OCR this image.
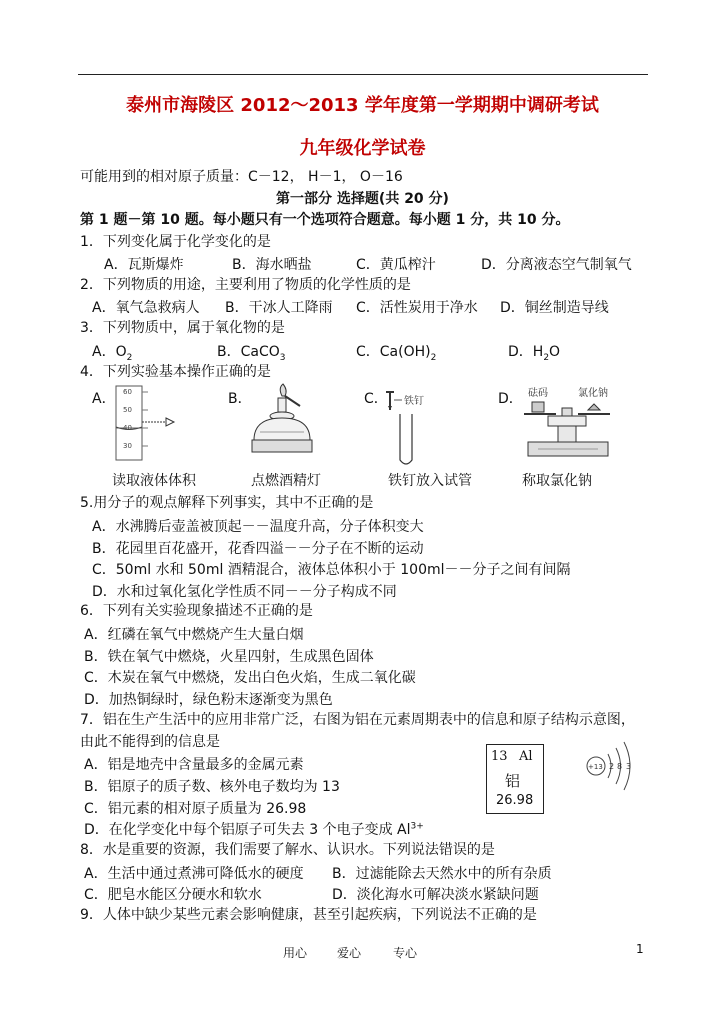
泰州市海陵区 2012～2013 学年度第一学期期中调研考试
九年级化学试卷
可能用到的相对原子质量：C－12， H－1， O－16
第一部分 选择题(共 20 分)
第 1 题－第 10 题。每小题只有一个选项符合题意。每小题 1 分，共 10 分。
1．下列变化属于化学变化的是
A．瓦斯爆炸	B．海水晒盐	C．黄瓜榨汁	D．分离液态空气制氧气
2．下列物质的用途，主要利用了物质的化学性质的是
A．氧气急救病人 B．干冰人工降雨 C．活性炭用于净水 D．铜丝制造导线
3．下列物质中，属于氧化物的是
A．$O_2$	B．CaCO$_3$	C．$Ca(OH)_2$	D．$H_2O$
4．下列实验基本操作正确的是
A．	B．	C．	D．
60
50
40
30
读取液体体积	点燃酒精灯
铁钉
铁钉放入试管
砝码	氯化钠
称取氯化钠
5.用分子的观点解释下列事实，其中不正确的是
A．水沸腾后壶盖被顶起－－温度升高，分子体积变大
B．花园里百花盛开，花香四溢－－分子在不断的运动
C．50ml 水和 50ml 酒精混合，液体总体积小于 100ml－－分子之间有间隔
D．水和过氧化氢化学性质不同－－分子构成不同
6．下列有关实验现象描述不正确的是
A．红磷在氧气中燃烧产生大量白烟
B．铁在氧气中燃烧，火星四射，生成黑色固体
C．木炭在氧气中燃烧，发出白色火焰，生成二氧化碳
D．加热铜绿时，绿色粉末逐渐变为黑色
7．铝在生产生活中的应用非常广泛，右图为铝在元素周期表中的信息和原子结构示意图，
由此不能得到的信息是
A．铝是地壳中含量最多的金属元素
B．铝原子的质子数、核外电子数均为 13
C．铝元素的相对原子质量为 26.98
D．在化学变化中每个铝原子可失去 3 个电子变成 $Al^{3+}$
13 Al
铝
26.98
+13 2 8 3
8．水是重要的资源，我们需要了解水、认识水。下列说法错误的是
A．生活中通过煮沸可降低水的硬度 B．过滤能除去天然水中的所有杂质
C．肥皂水能区分硬水和软水	D．淡化海水可解决淡水紧缺问题
9．人体中缺少某些元素会影响健康，甚至引起疾病，下列说法不正确的是
用心 爱心	专心	1
